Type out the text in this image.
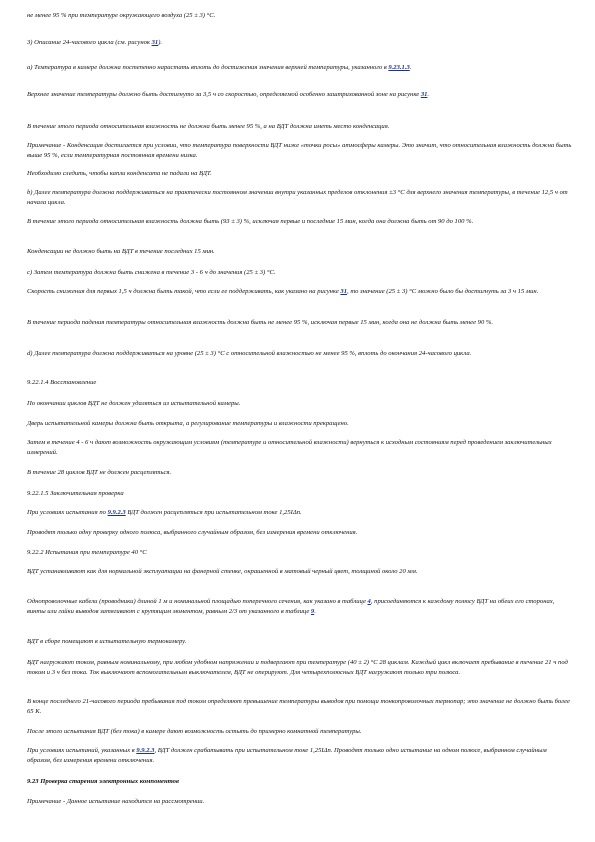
не менее 95 % при температуре окружающего воздуха (25 ± 3) °С.

3) Описание 24-часового цикла (см. рисунок 31).

а) Температура в камере должна постепенно нарастать вплоть до достижения значения верхней температуры, указанного в 9.23.1.3.

Верхнее значение температуры должно быть достигнуто за 3,5 ч со скоростью, определяемой особенно заштрихованной зоне на рисунке 31.

В течение этого периода относительная влажность не должна быть менее 95 %, а на ВДТ должна иметь место конденсация.

Примечание - Конденсация достигается при условии, что температура поверхности ВДТ ниже «точки росы» атмосферы камеры. Это значит, что относительная влажность должна быть выше 95 %, если температурная постоянная времени низка.

Необходимо следить, чтобы капли конденсата не падали на ВДТ.

b) Далее температура должна поддерживаться на практически постоянном значении внутри указанных пределов отклонения ±3 °С для верхнего значения температуры, в течение 12,5 ч от начала цикла.

В течение этого периода относительная влажность должна быть (93 ± 3) %, исключая первые и последние 15 мин, когда она должна быть от 90 до 100 %.

Конденсации не должно быть на ВДТ в течение последних 15 мин.

с) Затем температура должна быть снижена в течение 3 - 6 ч до значения (25 ± 3) °С.

Скорость снижения для первых 1,5 ч должна быть такой, что если ее поддерживать, как указано на рисунке 31, то значение (25 ± 3) °С можно было бы достигнуть за 3 ч 15 мин.

В течение периода падения температуры относительная влажность должна быть не менее 95 %, исключая первые 15 мин, когда она не должна быть менее 90 %.

d) Далее температура должна поддерживаться на уровне (25 ± 3) °С с относительной влажностью не менее 95 %, вплоть до окончания 24-часового цикла.

9.22.1.4 Восстановление

По окончании циклов ВДТ не должен удаляться из испытательной камеры.

Дверь испытательной камеры должна быть открыта, а регулирование температуры и влажности прекращено.

Затем в течение 4 - 6 ч дают возможность окружающим условиям (температуре и относительной влажности) вернуться к исходным состояниям перед проведением заключительных измерений.

В течение 28 циклов ВДТ не должен расцепляться.

9.22.1.5 Заключительная проверка

При условиях испытания по 9.9.2.3 ВДТ должен расцепляться при испытательном токе 1,25IΔn.

Проводят только одну проверку одного полюса, выбранного случайным образом, без измерения времени отключения.

9.22.2 Испытания при температуре 40 °С

ВДТ устанавливают как для нормальной эксплуатации на фанерной стенке, окрашенной в матовый черный цвет, толщиной около 20 мм.

Однопроволочные кабели (проводники) длиной 1 м и номинальной площадью поперечного сечения, как указано в таблице 4, присоединяются к каждому полюсу ВДТ на обеих его сторонах, винты или гайки выводов затягивают с крутящим моментом, равным 2/3 от указанного в таблице 9.

ВДТ в сборе помещают в испытательную термокамеру.

ВДТ нагружают током, равным номинальному, при любом удобном напряжении и подвергают при температуре (40 ± 2) °С 28 циклам. Каждый цикл включает пребывание в течение 21 ч под током и 3 ч без тока. Ток выключают вспомогательным выключателем, ВДТ не оперируют. Для четырехполюсных ВДТ нагружают только три полюса.

В конце последнего 21-часового периода пребывания под током определяют превышение температуры выводов при помощи тонкопроволочных термопар; это значение не должно быть более 65 К.

После этого испытания ВДТ (без тока) в камере дают возможность остыть до примерно комнатной температуры.

При условиях испытаний, указанных в 9.9.2.3, ВДТ должен срабатывать при испытательном токе 1,25IΔn. Проводят только одно испытание на одном полюсе, выбранном случайным образом, без измерения времени отключения.

9.23 Проверка старения электронных компонентов

Примечание - Данное испытание находится на рассмотрении.
